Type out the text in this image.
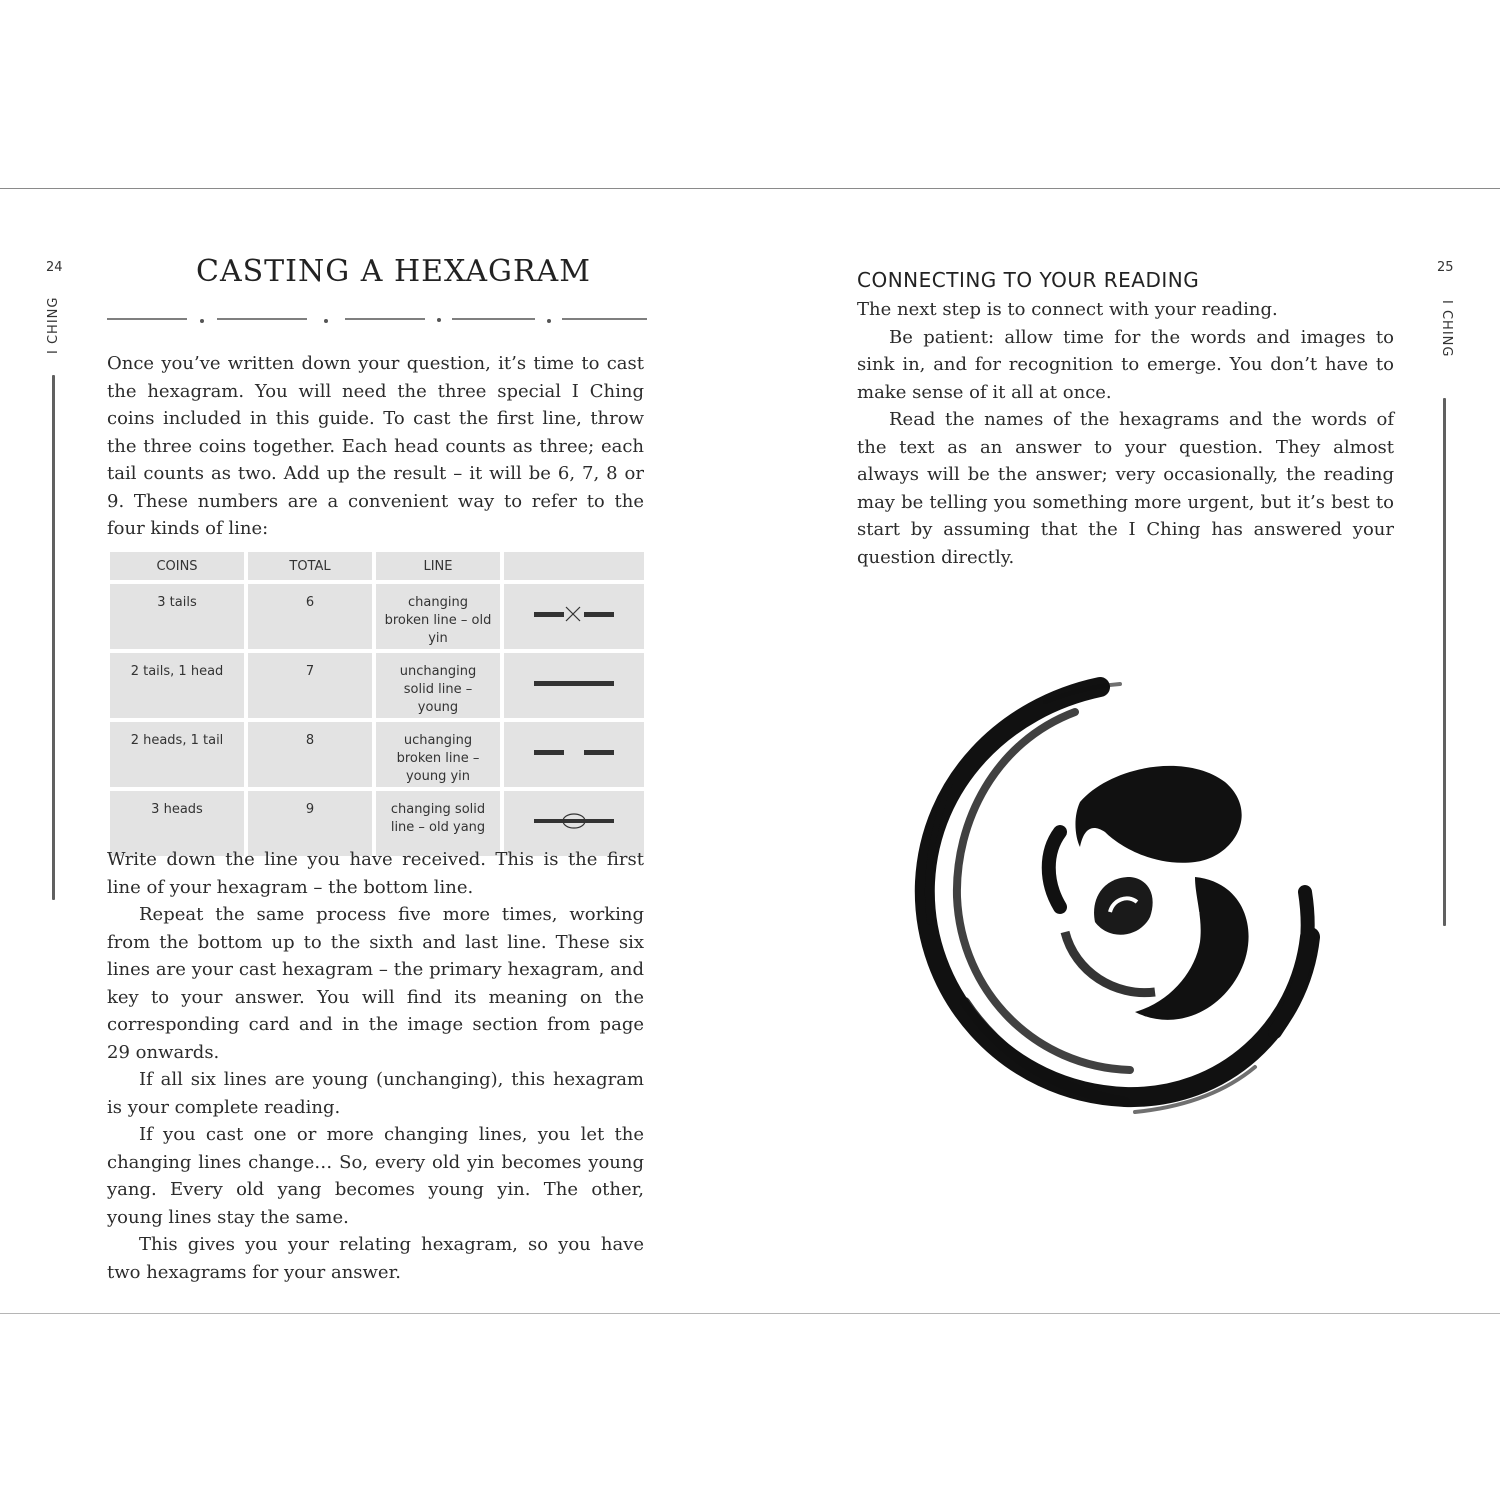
24
I CHING
CASTING A HEXAGRAM

Once you’ve written down your question, it’s time to cast the hexagram. You will need the three special I Ching coins included in this guide. To cast the first line, throw the three coins together. Each head counts as three; each tail counts as two. Add up the result – it will be 6, 7, 8 or 9. These numbers are a convenient way to refer to the four kinds of line:

COINS	TOTAL	LINE	
3 tails	6	changing broken line – old yin	
2 tails, 1 head	7	unchanging solid line – young	
2 heads, 1 tail	8	uchanging broken line – young yin	
3 heads	9	changing solid line – old yang	

Write down the line you have received. This is the first line of your hexagram – the bottom line.

Repeat the same process five more times, working from the bottom up to the sixth and last line. These six lines are your cast hexagram – the primary hexagram, and key to your answer. You will find its meaning on the corresponding card and in the image section from page 29 onwards.

If all six lines are young (unchanging), this hexagram is your complete reading.

If you cast one or more changing lines, you let the changing lines change… So, every old yin becomes young yang. Every old yang becomes young yin. The other, young lines stay the same.

This gives you your relating hexagram, so you have two hexagrams for your answer.

25
I CHING
CONNECTING TO YOUR READING

The next step is to connect with your reading.

Be patient: allow time for the words and images to sink in, and for recognition to emerge. You don’t have to make sense of it all at once.

Read the names of the hexagrams and the words of the text as an answer to your question. They almost always will be the answer; very occasionally, the reading may be telling you something more urgent, but it’s best to start by assuming that the I Ching has answered your question directly.
